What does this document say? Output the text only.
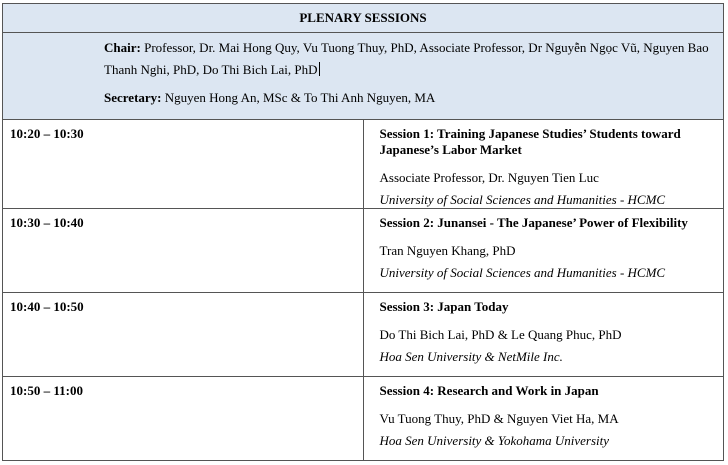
PLENARY SESSIONS	

Chair: Professor, Dr. Mai Hong Quy, Vu Tuong Thuy, PhD, Associate Professor, Dr Nguyễn Ngọc Vũ, Nguyen Bao Thanh Nghi, PhD, Do Thi Bich Lai, PhD
Secretary: Nguyen Hong An, MSc & To Thi Anh Nguyen, MA	

10:20 – 10:30	Session 1: Training Japanese Studies’ Students toward Japanese’s Labor Market
Associate Professor, Dr. Nguyen Tien Luc
University of Social Sciences and Humanities - HCMC

10:30 – 10:40	Session 2: Junansei - The Japanese’ Power of Flexibility
Tran Nguyen Khang, PhD
University of Social Sciences and Humanities - HCMC

10:40 – 10:50	Session 3: Japan Today
Do Thi Bich Lai, PhD & Le Quang Phuc, PhD
Hoa Sen University & NetMile Inc.

10:50 – 11:00	Session 4: Research and Work in Japan
Vu Tuong Thuy, PhD & Nguyen Viet Ha, MA
Hoa Sen University & Yokohama University
